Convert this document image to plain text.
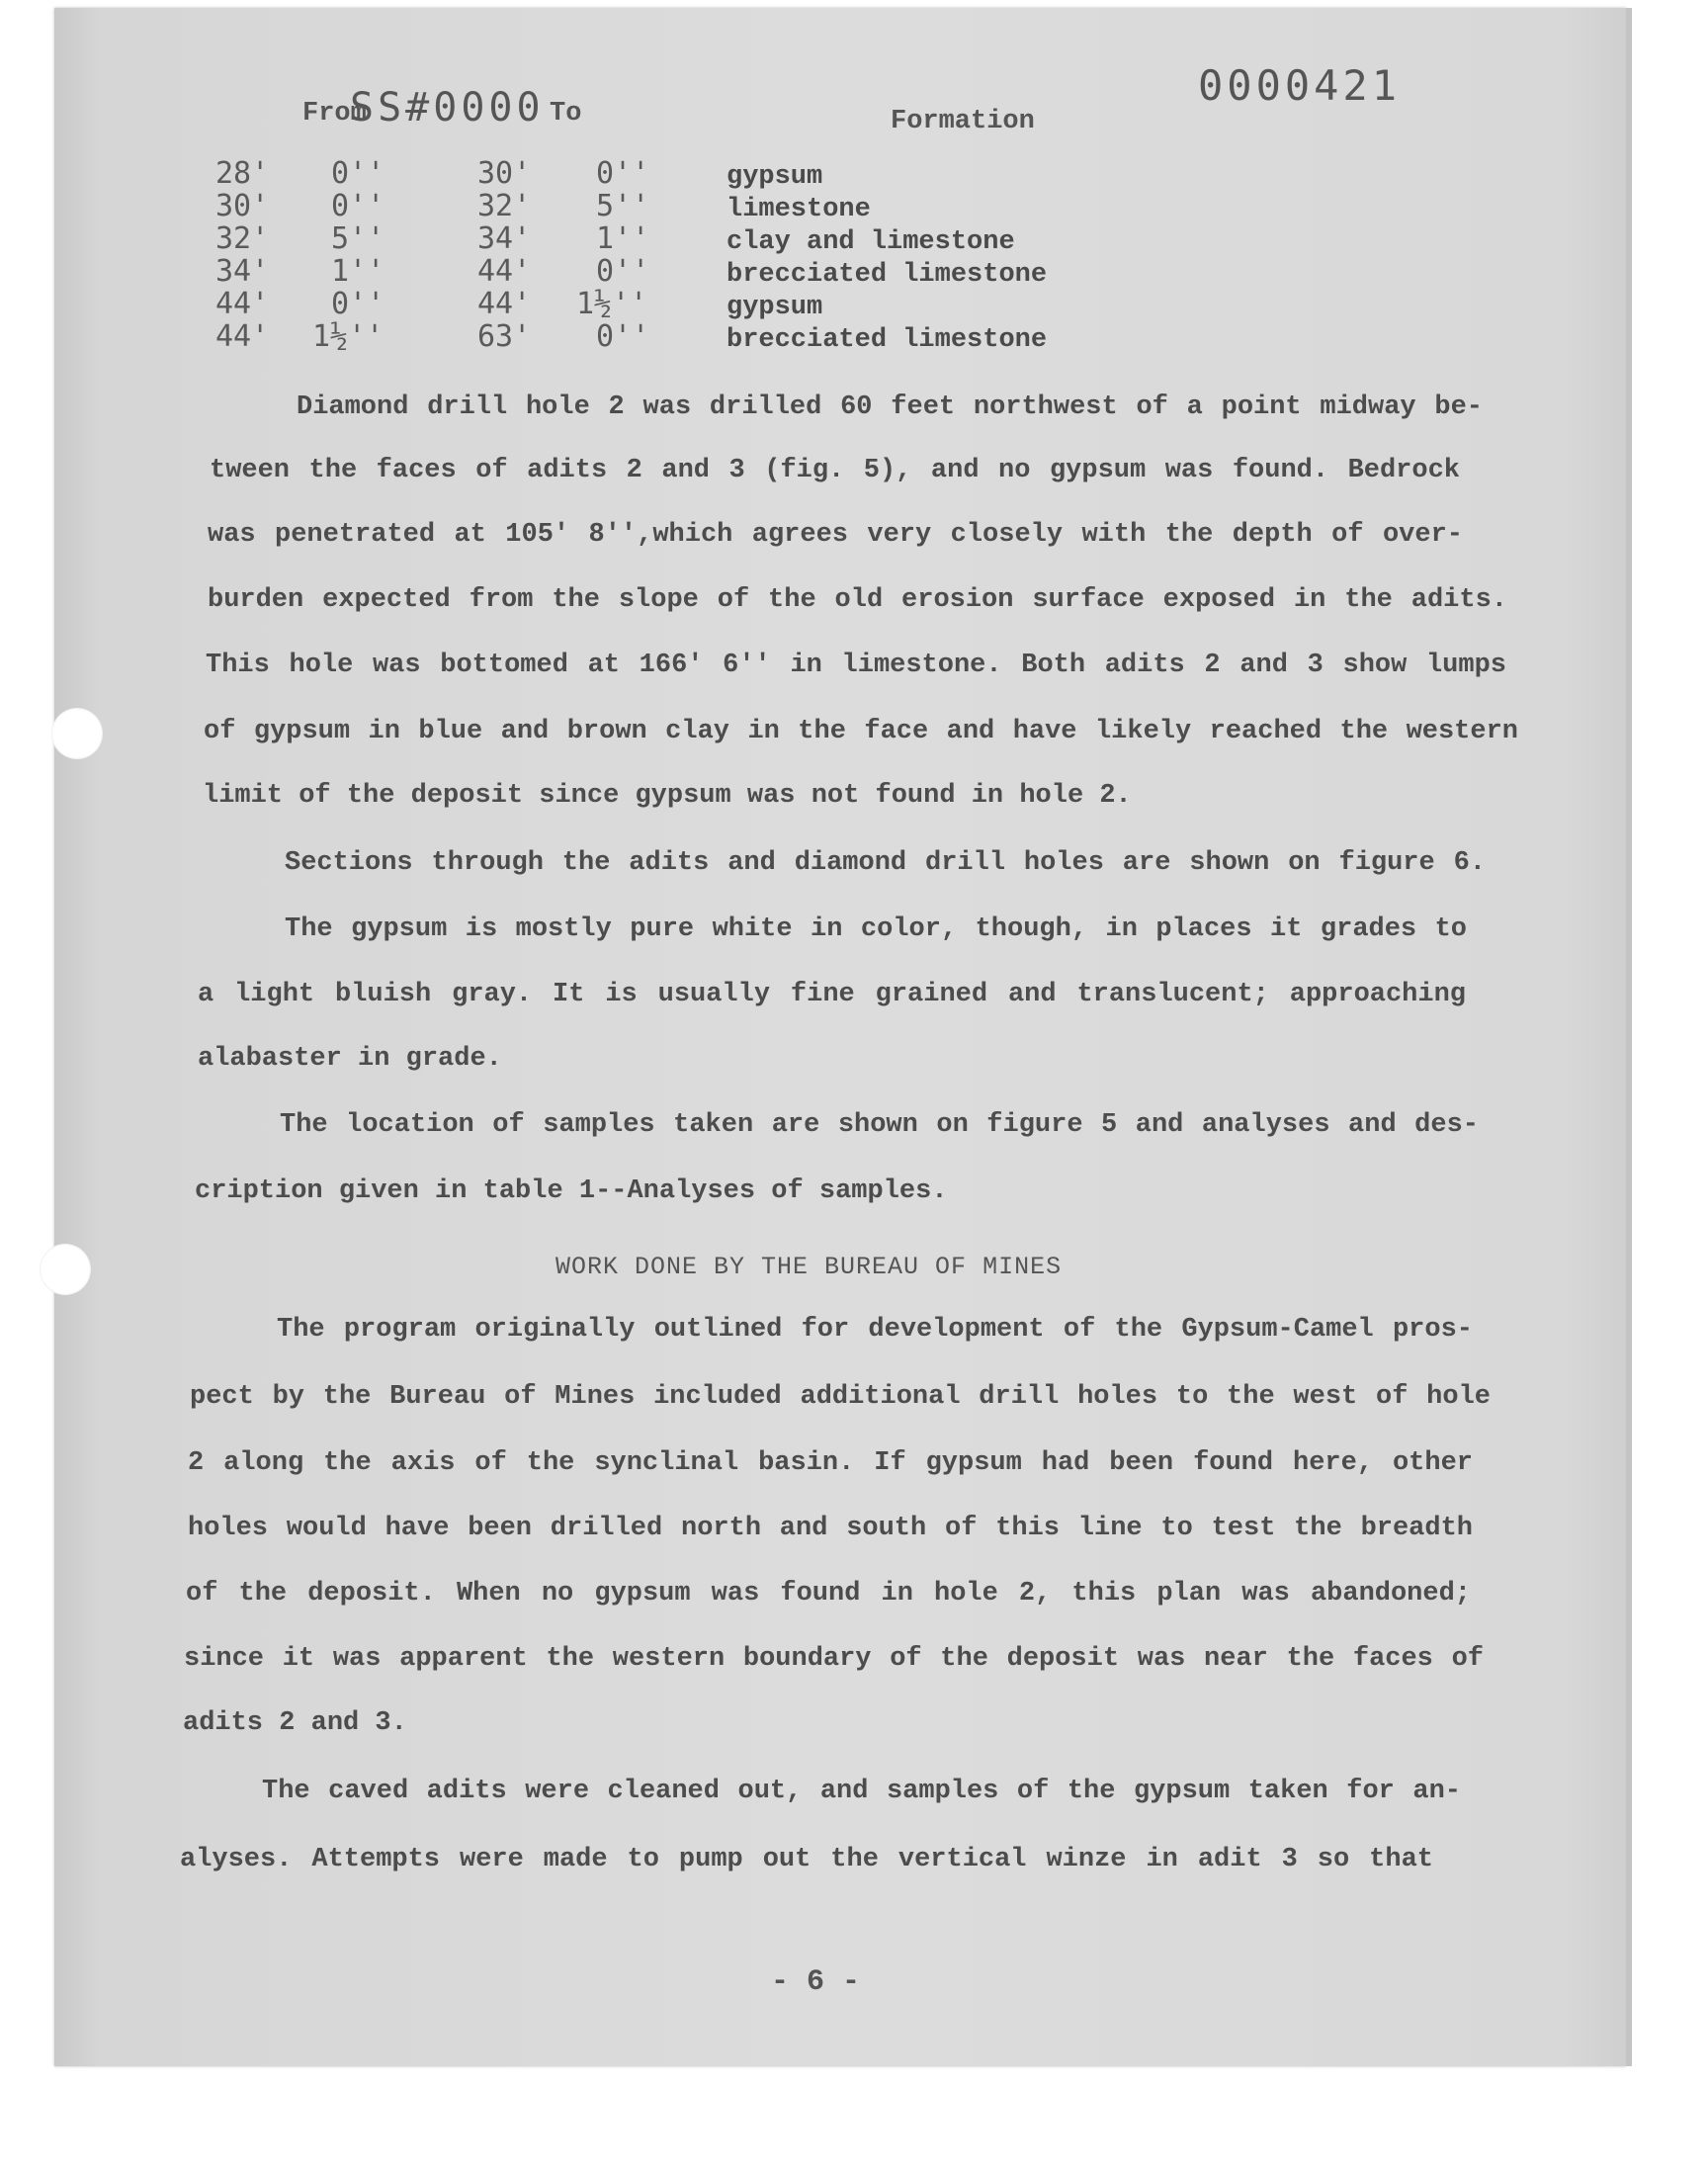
From
SS#0000 To	Formation
0000421
28' 0''	30' 0''	gypsum
30' 0''	32' 5''	limestone
32' 5''	34' 1''	clay and limestone
34' 1''	44' 0''	brecciated limestone
44' 0''	44' 1½''	gypsum
44' 1½''	63' 0''	brecciated limestone

Diamond drill hole 2 was drilled 60 feet northwest of a point midway be-

tween the faces of adits 2 and 3 (fig. 5), and no gypsum was found. Bedrock

was penetrated at 105' 8'',which agrees very closely with the depth of over-

burden expected from the slope of the old erosion surface exposed in the adits.

This hole was bottomed at 166' 6'' in limestone. Both adits 2 and 3 show lumps

of gypsum in blue and brown clay in the face and have likely reached the western

limit of the deposit since gypsum was not found in hole 2.

Sections through the adits and diamond drill holes are shown on figure 6.

The gypsum is mostly pure white in color, though, in places it grades to

a light bluish gray. It is usually fine grained and translucent; approaching

alabaster in grade.

The location of samples taken are shown on figure 5 and analyses and des-

cription given in table 1--Analyses of samples.

WORK DONE BY THE BUREAU OF MINES

The program originally outlined for development of the Gypsum-Camel pros-

pect by the Bureau of Mines included additional drill holes to the west of hole

2 along the axis of the synclinal basin. If gypsum had been found here, other

holes would have been drilled north and south of this line to test the breadth

of the deposit. When no gypsum was found in hole 2, this plan was abandoned;

since it was apparent the western boundary of the deposit was near the faces of

adits 2 and 3.

The caved adits were cleaned out, and samples of the gypsum taken for an-

alyses. Attempts were made to pump out the vertical winze in adit 3 so that

- 6 -
